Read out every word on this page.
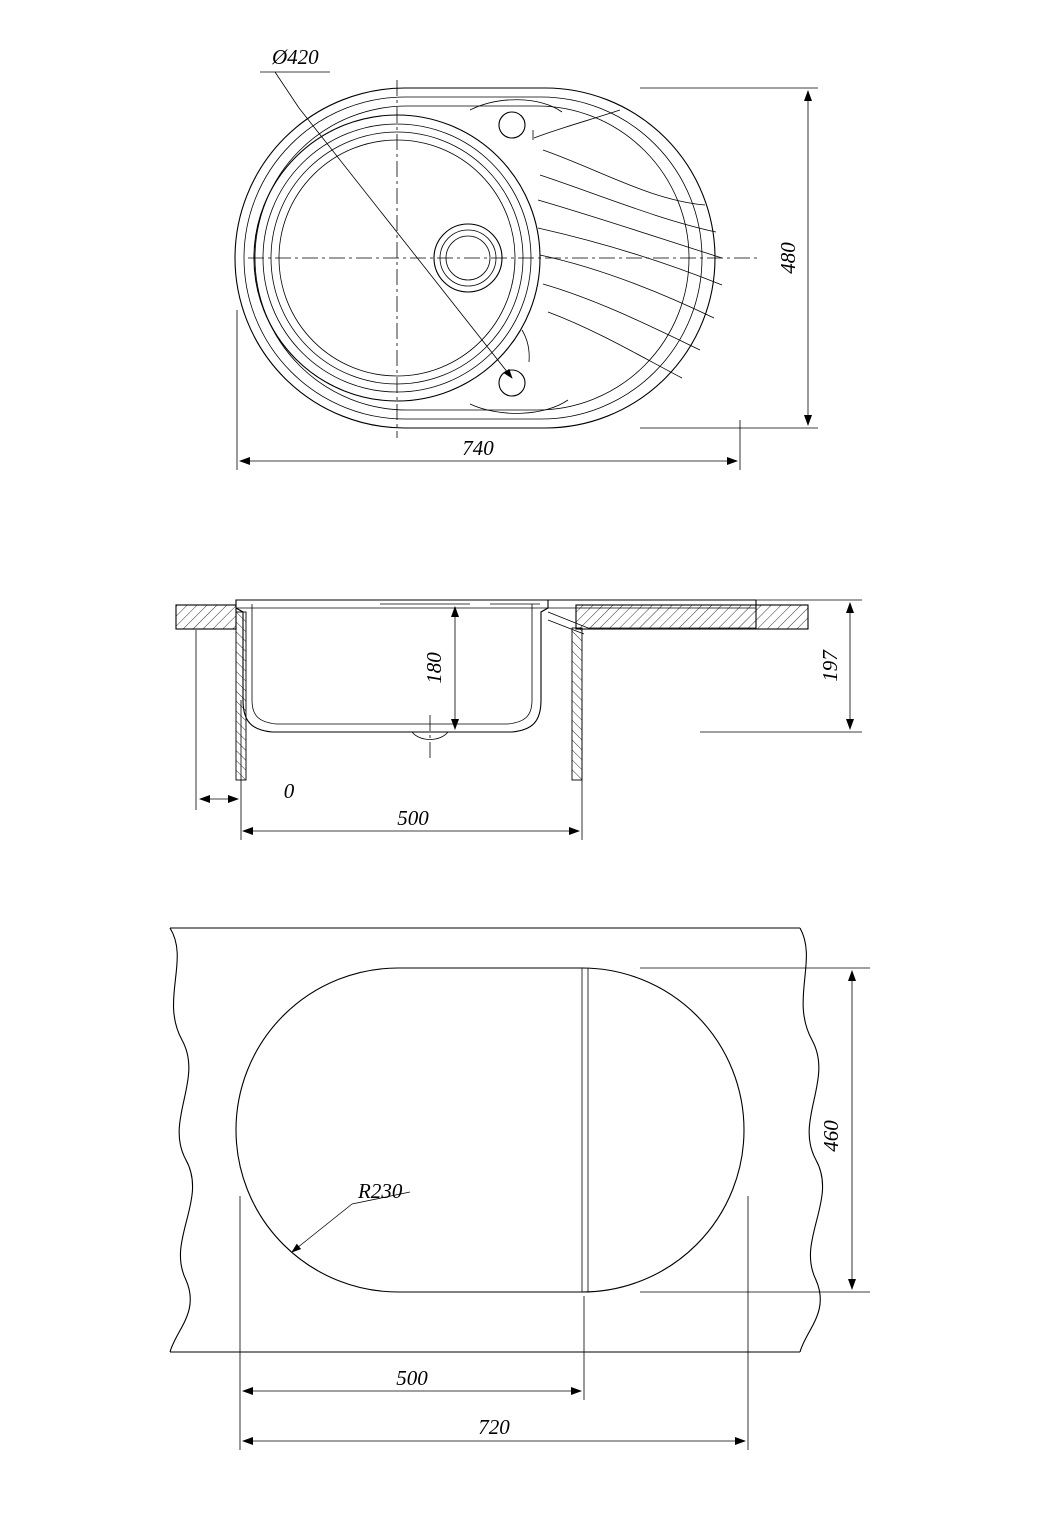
Ø420
740
480
180	197
0
500
R230
460
500
720
